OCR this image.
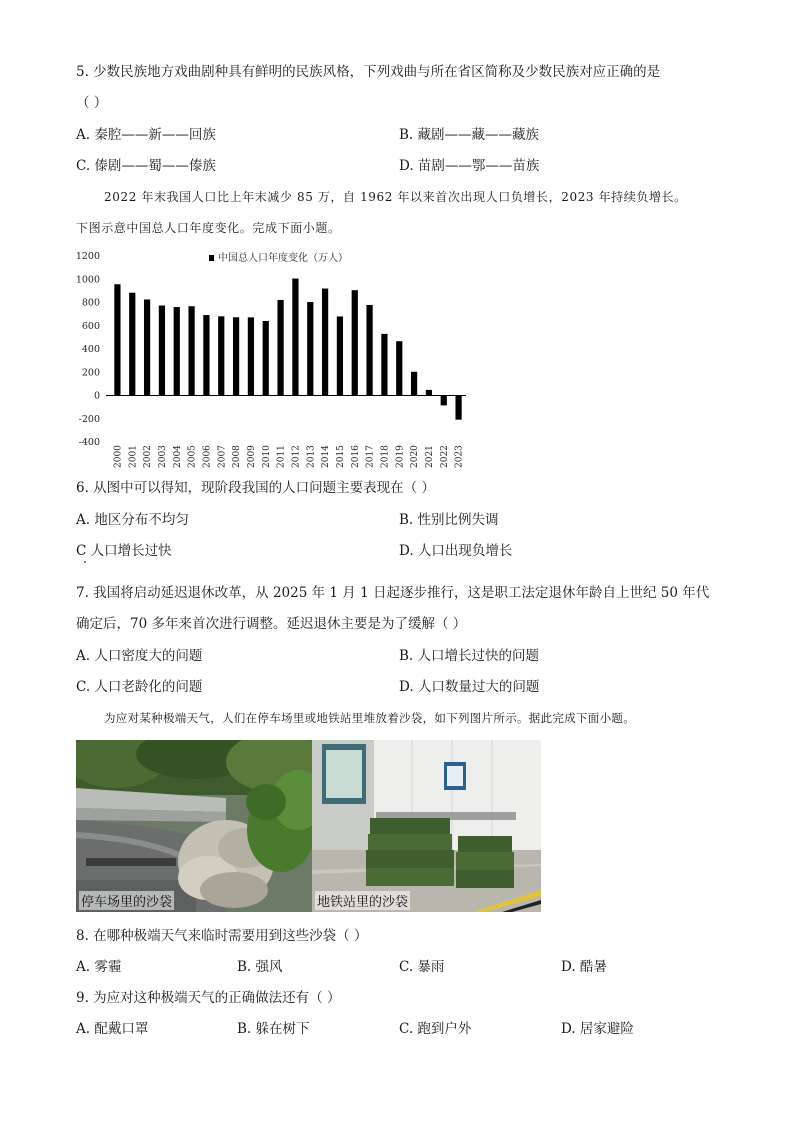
5. 少数民族地方戏曲剧种具有鲜明的民族风格，下列戏曲与所在省区简称及少数民族对应正确的是
（ ）
A. 秦腔——新——回族	B. 藏剧——藏——藏族
C. 傣剧——蜀——傣族	D. 苗剧——鄂——苗族
2022 年末我国人口比上年末减少 85 万，自 1962 年以来首次出现人口负增长，2023 年持续负增长。
下图示意中国总人口年度变化。完成下面小题。
1200
1000
800
600
400
200
0
-200
-400
2000 2001 2002 2003 2004 2005 2006 2007 2008 2009 2010 2011 2012 2013 2014 2015 2016 2017 2018 2019 2020 2021 2022 2023
中国总人口年度变化（万人）
6. 从图中可以得知，现阶段我国的人口问题主要表现在（ ）
A. 地区分布不均匀	B. 性别比例失调
C 人口增长过快	D. 人口出现负增长
7. 我国将启动延迟退休改革，从 2025 年 1 月 1 日起逐步推行，这是职工法定退休年龄自上世纪 50 年代
确定后，70 多年来首次进行调整。延迟退休主要是为了缓解（ ）
A. 人口密度大的问题	B. 人口增长过快的问题
C. 人口老龄化的问题	D. 人口数量过大的问题
为应对某种极端天气，人们在停车场里或地铁站里堆放着沙袋，如下列图片所示。据此完成下面小题。
停车场里的沙袋	地铁站里的沙袋
8. 在哪种极端天气来临时需要用到这些沙袋（ ）
A. 雾霾	B. 强风	C. 暴雨	D. 酷暑
9. 为应对这种极端天气的正确做法还有（ ）
A. 配戴口罩	B. 躲在树下	C. 跑到户外	D. 居家避险
